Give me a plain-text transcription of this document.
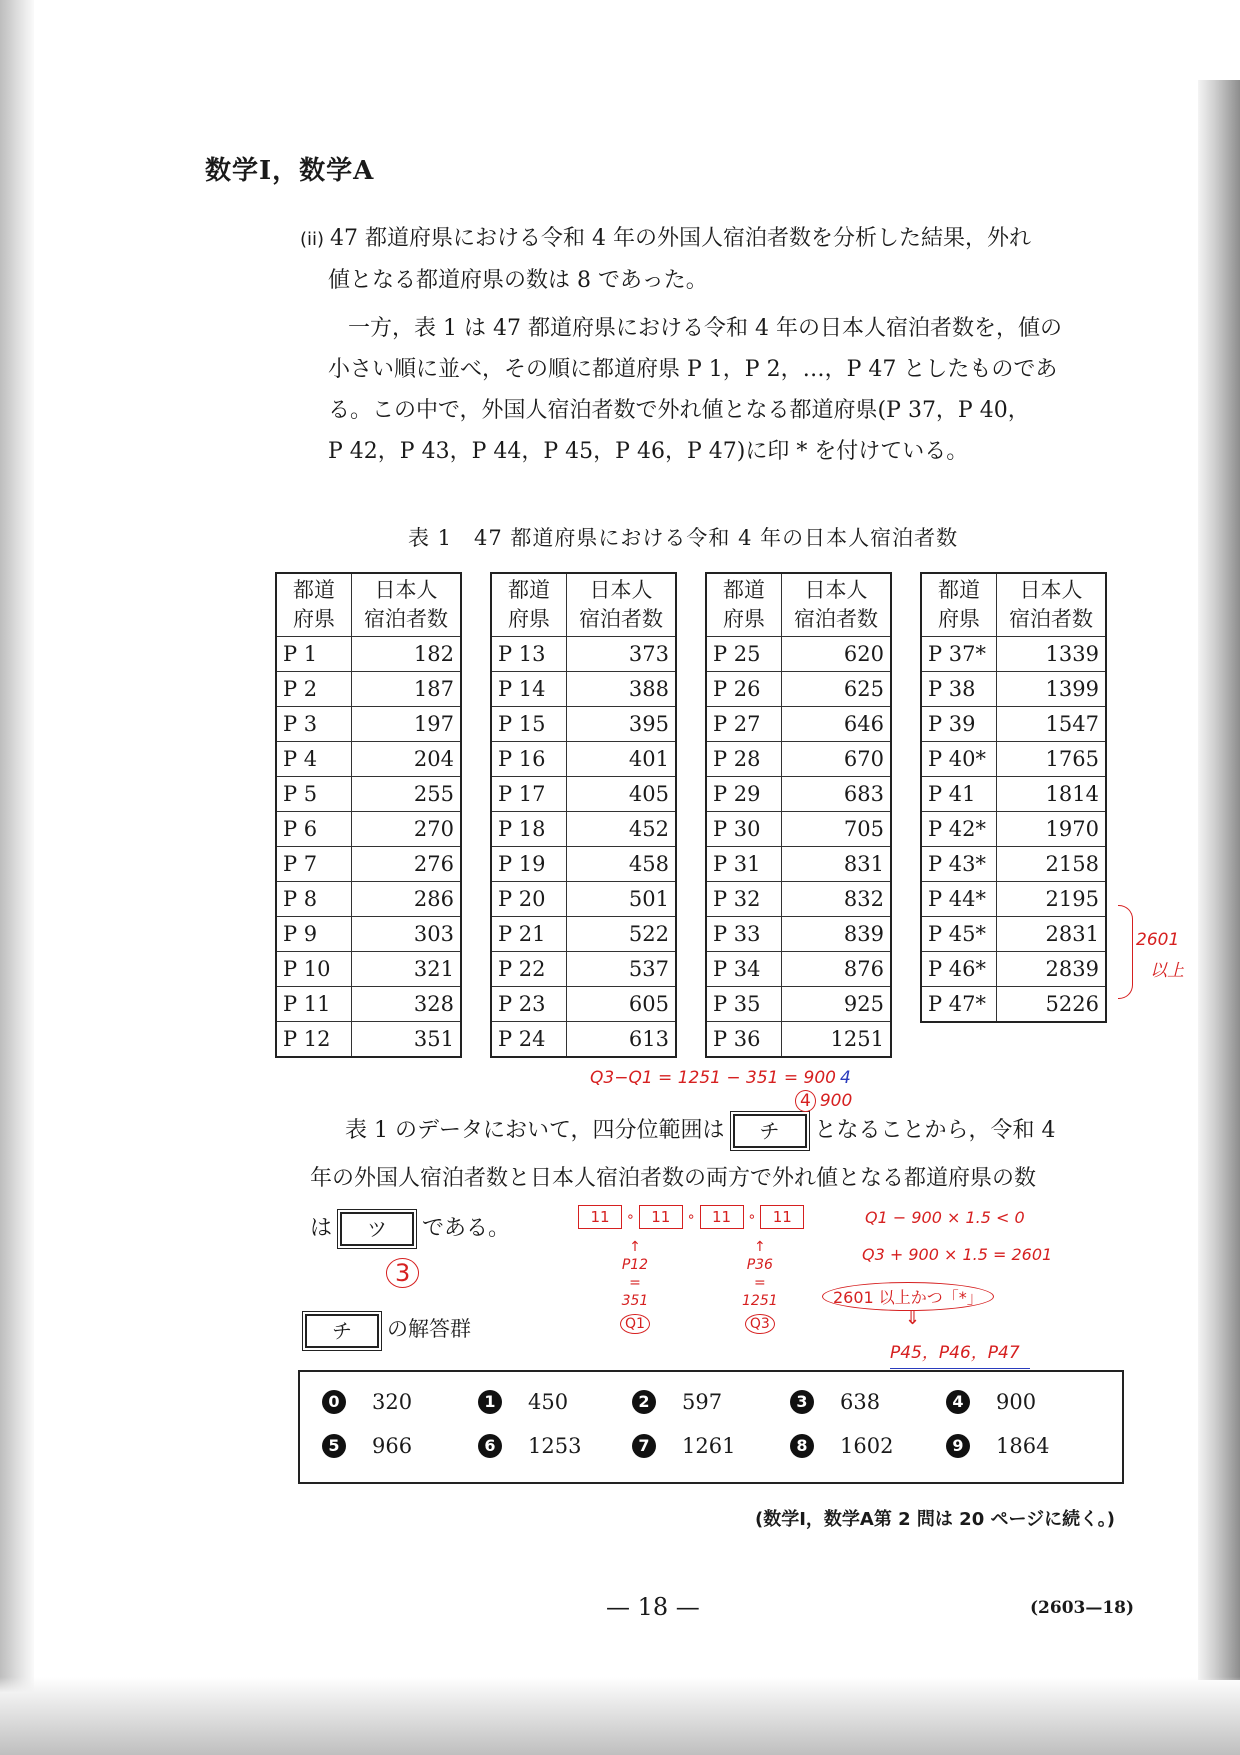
数学Ⅰ，数学A
(ii) 47 都道府県における令和 4 年の外国人宿泊者数を分析した結果，外れ
値となる都道府県の数は 8 であった。
一方，表 1 は 47 都道府県における令和 4 年の日本人宿泊者数を，値の
小さい順に並べ，その順に都道府県 P 1，P 2，…，P 47 としたものであ
る。この中で，外国人宿泊者数で外れ値となる都道府県(P 37，P 40，
P 42，P 43，P 44，P 45，P 46，P 47)に印 * を付けている。
表 1　47 都道府県における令和 4 年の日本人宿泊者数
都道
府県	日本人
宿泊者数
P 1	182
P 2	187
P 3	197
P 4	204
P 5	255
P 6	270
P 7	276
P 8	286
P 9	303
P 10	321
P 11	328
P 12	351
都道
府県	日本人
宿泊者数
P 13	373
P 14	388
P 15	395
P 16	401
P 17	405
P 18	452
P 19	458
P 20	501
P 21	522
P 22	537
P 23	605
P 24	613
都道
府県	日本人
宿泊者数
P 25	620
P 26	625
P 27	646
P 28	670
P 29	683
P 30	705
P 31	831
P 32	832
P 33	839
P 34	876
P 35	925
P 36	1251
都道
府県	日本人
宿泊者数
P 37*	1339
P 38	1399
P 39	1547
P 40*	1765
P 41	1814
P 42*	1970
P 43*	2158
P 44*	2195
P 45*	2831
P 46*	2839
P 47*	5226
表 1 のデータにおいて，四分位範囲は チ となることから，令和 4
年の外国人宿泊者数と日本人宿泊者数の両方で外れ値となる都道府県の数
は ツ である。
チ の解答群
0	320	1	450	2	597	3	638	4	900
5	966	6	1253	7	1261	8	1602	9	1864
(数学Ⅰ，数学A第 2 問は 20 ページに続く。)
— 18 —	(2603—18)
Q3−Q1 = 1251 − 351 = 900 4
4 900
2601
以上
3
11	∘	11	∘	11	∘	11
↑
P12
=
351
Q1
↑
P36
=
1251
Q3
Q1 − 900 × 1.5 < 0
Q3 + 900 × 1.5 = 2601
2601 以上かつ「*」
⇓
P45，P46，P47
